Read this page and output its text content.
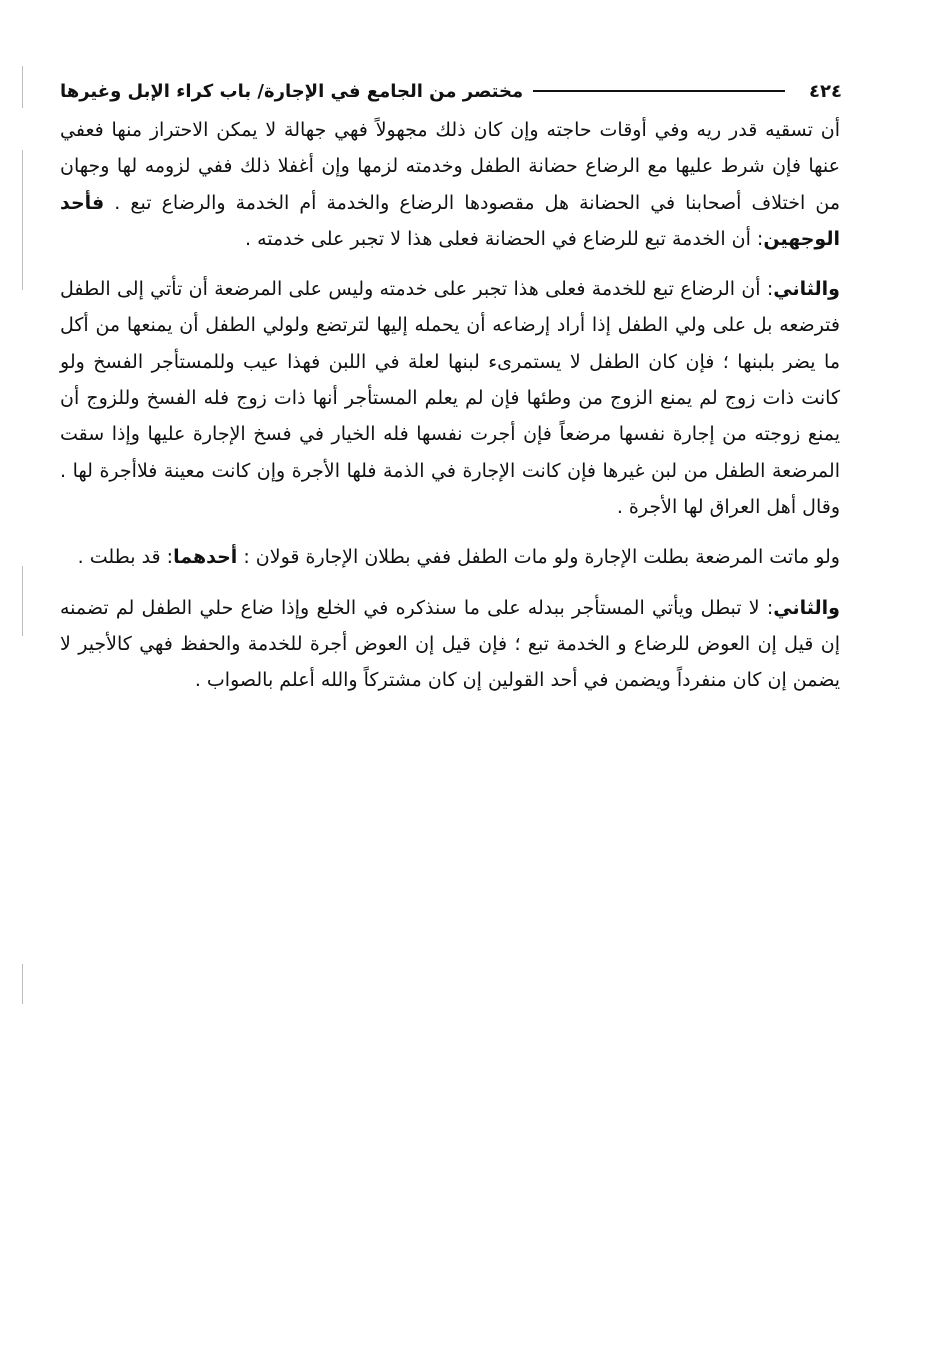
٤٢٤
مختصر من الجامع في الإجارة/ باب كراء الإبل وغيرها

أن تسقيه قدر ريه وفي أوقات حاجته وإن كان ذلك مجهولاً فهي جهالة لا يمكن الاحتراز منها فعفي عنها فإن شرط عليها مع الرضاع حضانة الطفل وخدمته لزمها وإن أغفلا ذلك ففي لزومه لها وجهان من اختلاف أصحابنا في الحضانة هل مقصودها الرضاع والخدمة أم الخدمة والرضاع تبع . فأحد الوجهين: أن الخدمة تبع للرضاع في الحضانة فعلى هذا لا تجبر على خدمته .

والثاني: أن الرضاع تبع للخدمة فعلى هذا تجبر على خدمته وليس على المرضعة أن تأتي إلى الطفل فترضعه بل على ولي الطفل إذا أراد إرضاعه أن يحمله إليها لترتضع ولولي الطفل أن يمنعها من أكل ما يضر بلبنها ؛ فإن كان الطفل لا يستمرىء لبنها لعلة في اللبن فهذا عيب وللمستأجر الفسخ ولو كانت ذات زوج لم يمنع الزوج من وطئها فإن لم يعلم المستأجر أنها ذات زوج فله الفسخ وللزوج أن يمنع زوجته من إجارة نفسها مرضعاً فإن أجرت نفسها فله الخيار في فسخ الإجارة عليها وإذا سقت المرضعة الطفل من لبن غيرها فإن كانت الإجارة في الذمة فلها الأجرة وإن كانت معينة فلاأجرة لها . وقال أهل العراق لها الأجرة .

ولو ماتت المرضعة بطلت الإجارة ولو مات الطفل ففي بطلان الإجارة قولان : أحدهما: قد بطلت .

والثاني: لا تبطل ويأتي المستأجر ببدله على ما سنذكره في الخلع وإذا ضاع حلي الطفل لم تضمنه إن قيل إن العوض للرضاع و الخدمة تبع ؛ فإن قيل إن العوض أجرة للخدمة والحفظ فهي كالأجير لا يضمن إن كان منفرداً ويضمن في أحد القولين إن كان مشتركاً والله أعلم بالصواب .
